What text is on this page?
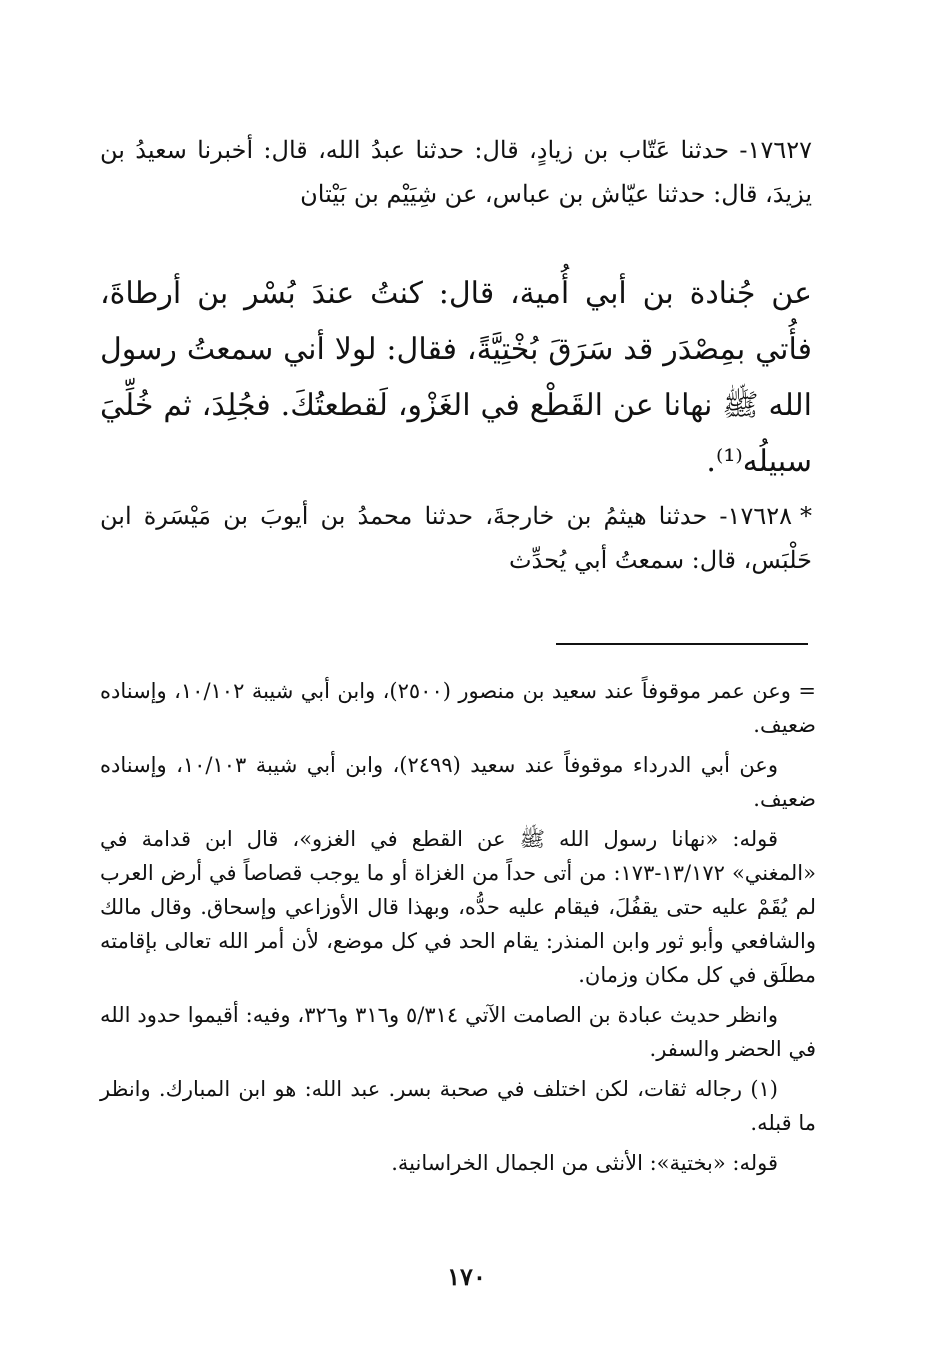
١٧٦٢٧- حدثنا عَتّاب بن زيادٍ، قال: حدثنا عبدُ الله، قال: أخبرنا سعيدُ بن يزيدَ، قال: حدثنا عيّاش بن عباس، عن شِيَيْم بن بَيْتان

عن جُنادة بن أبي أُمية، قال: كنتُ عندَ بُسْر بن أرطاةَ، فأُتي بمِصْدَر قد سَرَقَ بُخْتِيَّةً، فقال: لولا أني سمعتُ رسول الله ﷺ نهانا عن القَطْع في الغَزْو، لَقطعتُكَ. فجُلِدَ، ثم خُلِّيَ سبيلُه⁽¹⁾.

*١٧٦٢٨- حدثنا هيثمُ بن خارجةَ، حدثنا محمدُ بن أيوبَ بن مَيْسَرة ابن حَلْبَس، قال: سمعتُ أبي يُحدِّث

= وعن عمر موقوفاً عند سعيد بن منصور (٢٥٠٠)، وابن أبي شيبة ١٠/١٠٢، وإسناده ضعيف.

وعن أبي الدرداء موقوفاً عند سعيد (٢٤٩٩)، وابن أبي شيبة ١٠/١٠٣، وإسناده ضعيف.

قوله: «نهانا رسول الله ﷺ عن القطع في الغزو»، قال ابن قدامة في «المغني» ١٣/١٧٢-١٧٣: من أتى حداً من الغزاة أو ما يوجب قصاصاً في أرض العرب لم يُقَمْ عليه حتى يقفُلَ، فيقام عليه حدُّه، وبهذا قال الأوزاعي وإسحاق. وقال مالك والشافعي وأبو ثور وابن المنذر: يقام الحد في كل موضع، لأن أمر الله تعالى بإقامته مطلَق في كل مكان وزمان.

وانظر حديث عبادة بن الصامت الآتي ٥/٣١٤ و٣١٦ و٣٢٦، وفيه: أقيموا حدود الله في الحضر والسفر.

(١) رجاله ثقات، لكن اختلف في صحبة بسر. عبد الله: هو ابن المبارك. وانظر ما قبله.

قوله: «بختية»: الأنثى من الجمال الخراسانية.

١٧٠
